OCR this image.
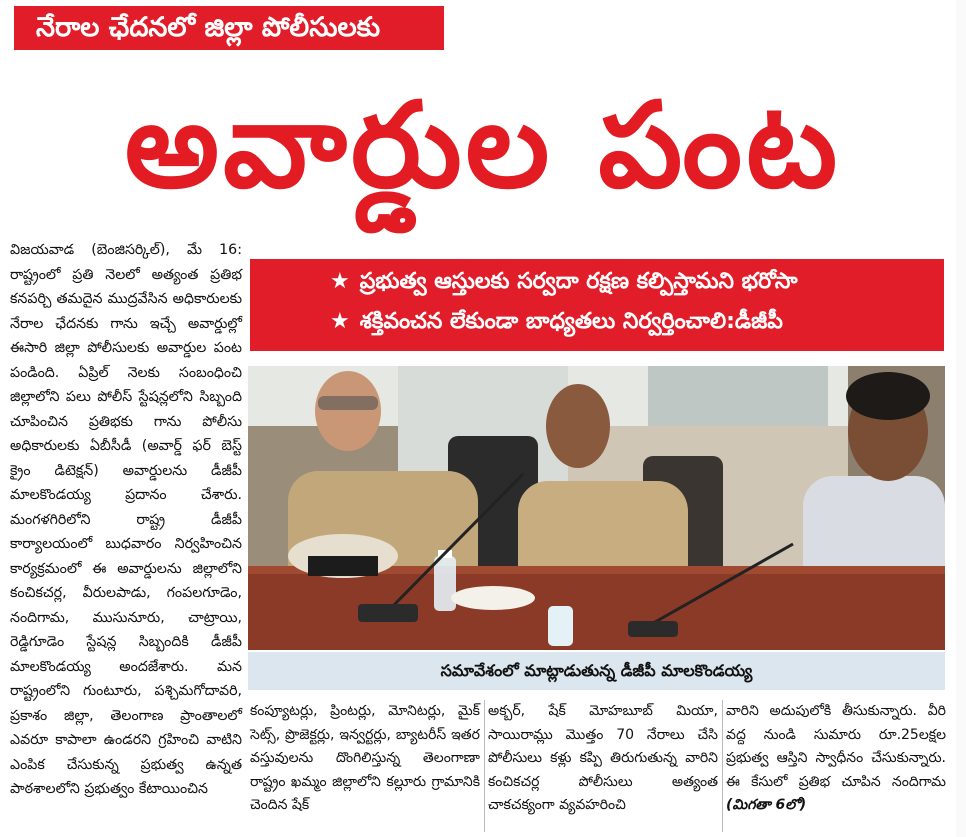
నేరాల ఛేదనలో జిల్లా పోలీసులకు
అవార్డుల పంట
★ ప్రభుత్వ ఆస్తులకు సర్వదా రక్షణ కల్పిస్తామని భరోసా
★ శక్తివంచన లేకుండా బాధ్యతలు నిర్వర్తించాలి:డీజీపీ

విజయవాడ (బెంజిసర్కిల్), మే 16: రాష్ట్రంలో ప్రతి నెలలో అత్యంత ప్రతిభ కనపర్చి తమదైన ముద్రవేసిన అధికారులకు నేరాల ఛేదనకు గాను ఇచ్చే అవార్డుల్లో ఈసారి జిల్లా పోలీసులకు అవార్డుల పంట పండింది. ఏప్రిల్ నెలకు సంబంధించి జిల్లాలోని పలు పోలీస్ స్టేషన్లలోని సిబ్బంది చూపించిన ప్రతిభకు గాను పోలీసు అధికారులకు ఏబీసీడీ (అవార్డ్ ఫర్ బెస్ట్ క్రైం డిటెక్షన్) అవార్డులను డీజీపీ మాలకొండయ్య ప్రదానం చేశారు. మంగళగిరిలోని రాష్ట్ర డీజీపీ కార్యాలయంలో బుధవారం నిర్వహించిన కార్యక్రమంలో ఈ అవార్డులను జిల్లాలోని కంచికచర్ల, వీరులపాడు, గంపలగూడెం, నందిగామ, ముసునూరు, చాట్రాయి, రెడ్డిగూడెం స్టేషన్ల సిబ్బందికి డీజీపీ మాలకొండయ్య అందజేశారు. మన రాష్ట్రంలోని గుంటూరు, పశ్చిమగోదావరి, ప్రకాశం జిల్లా, తెలంగాణ ప్రాంతాలలో ఎవరూ కాపాలా ఉండరని గ్రహించి వాటిని ఎంపిక చేసుకున్న ప్రభుత్వ ఉన్నత పాఠశాలలోని ప్రభుత్వం కేటాయించిన

సమావేశంలో మాట్లాడుతున్న డీజీపీ మాలకొండయ్య

కంప్యూటర్లు, ప్రింటర్లు, మోనిటర్లు, మైక్ సెట్స్, ప్రొజెక్టర్లు, ఇన్వర్టర్లు, బ్యాటరీస్ ఇతర వస్తువులను దొంగిలిస్తున్న తెలంగాణా రాష్ట్రం ఖమ్మం జిల్లాలోని కల్లూరు గ్రామానికి చెందిన షేక్

అక్బర్, షేక్ మోహబూబ్ మియా, సాయిరామ్లు మొత్తం 70 నేరాలు చేసి పోలీసులు కళ్లు కప్పి తిరుగుతున్న వారిని కంచికచర్ల పోలీసులు అత్యంత చాకచక్యంగా వ్యవహరించి

వారిని అదుపులోకి తీసుకున్నారు. వీరి వద్ద నుండి సుమారు రూ.25లక్షల ప్రభుత్వ ఆస్తిని స్వాధీనం చేసుకున్నారు. ఈ కేసులో ప్రతిభ చూపిన నందిగామ (మిగతా 6లో)
